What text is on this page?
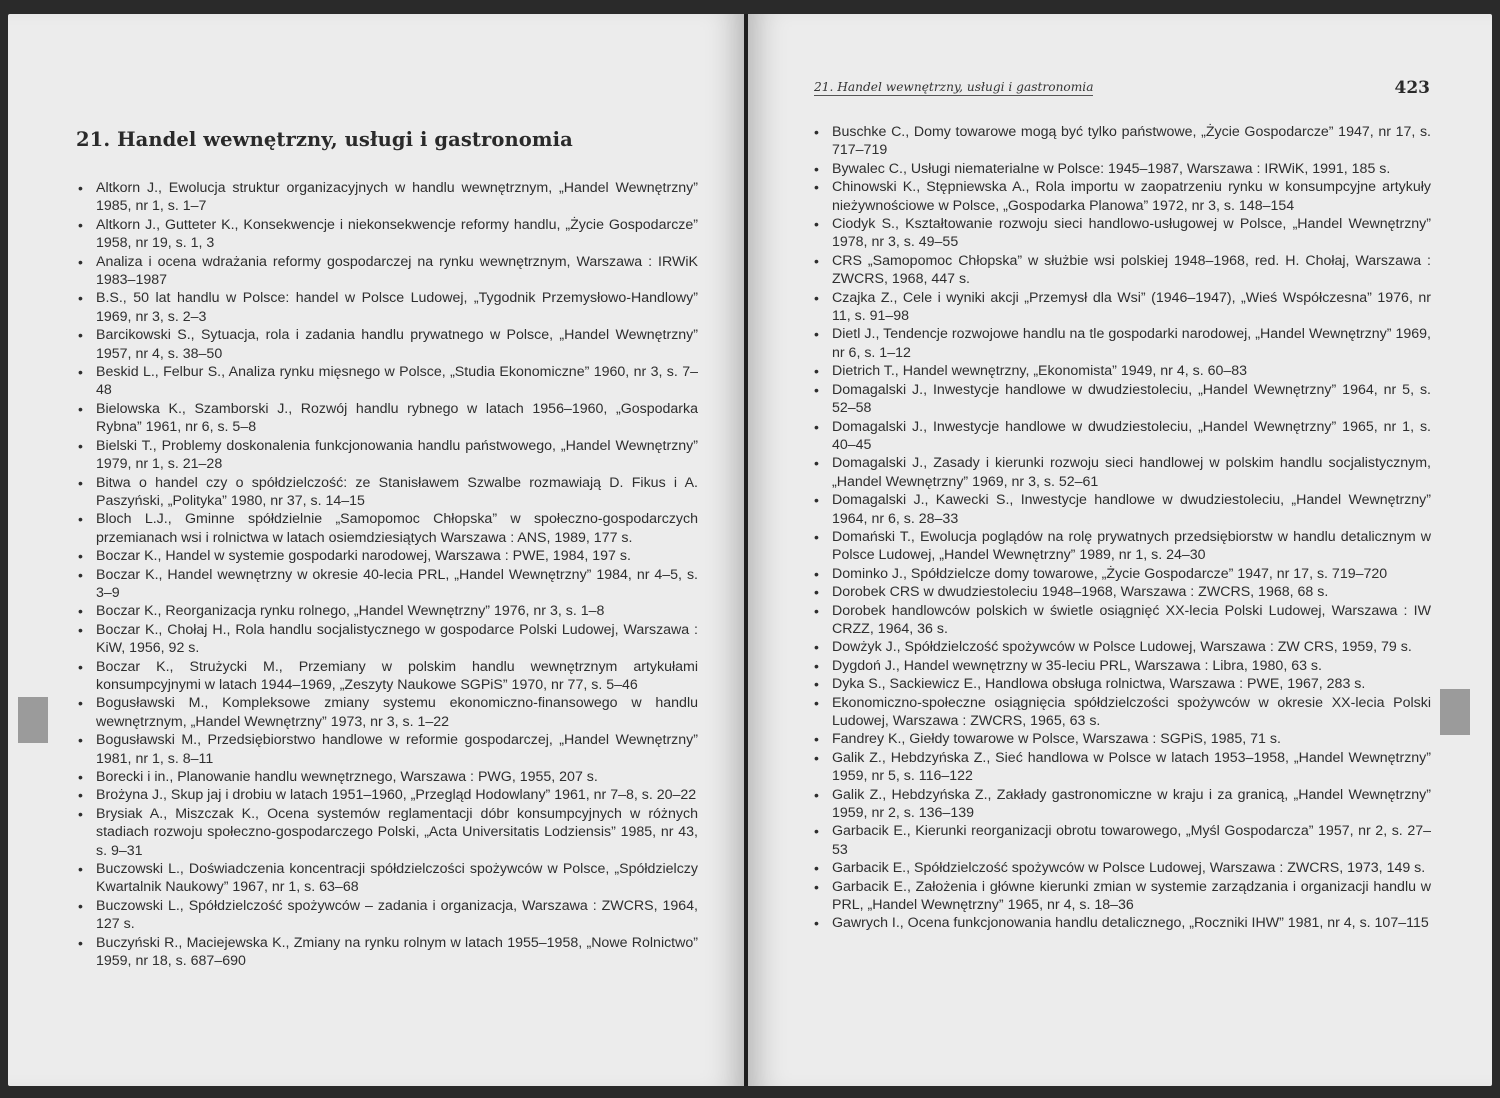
21. Handel wewnętrzny, usługi i gastronomia
• Altkorn J., Ewolucja struktur organizacyjnych w handlu wewnętrznym, „Handel Wewnętrzny” 1985, nr 1, s. 1–7
• Altkorn J., Gutteter K., Konsekwencje i niekonsekwencje reformy handlu, „Życie Gospodarcze” 1958, nr 19, s. 1, 3
• Analiza i ocena wdrażania reformy gospodarczej na rynku wewnętrznym, Warszawa : IRWiK 1983–1987
• B.S., 50 lat handlu w Polsce: handel w Polsce Ludowej, „Tygodnik Przemysłowo-Handlowy” 1969, nr 3, s. 2–3
• Barcikowski S., Sytuacja, rola i zadania handlu prywatnego w Polsce, „Handel Wewnętrzny” 1957, nr 4, s. 38–50
• Beskid L., Felbur S., Analiza rynku mięsnego w Polsce, „Studia Ekonomiczne” 1960, nr 3, s. 7–48
• Bielowska K., Szamborski J., Rozwój handlu rybnego w latach 1956–1960, „Gospodarka Rybna” 1961, nr 6, s. 5–8
• Bielski T., Problemy doskonalenia funkcjonowania handlu państwowego, „Handel Wewnętrzny” 1979, nr 1, s. 21–28
• Bitwa o handel czy o spółdzielczość: ze Stanisławem Szwalbe rozmawiają D. Fikus i A. Paszyński, „Polityka” 1980, nr 37, s. 14–15
• Bloch L.J., Gminne spółdzielnie „Samopomoc Chłopska” w społeczno-gospodarczych przemianach wsi i rolnictwa w latach osiemdziesiątych Warszawa : ANS, 1989, 177 s.
• Boczar K., Handel w systemie gospodarki narodowej, Warszawa : PWE, 1984, 197 s.
• Boczar K., Handel wewnętrzny w okresie 40-lecia PRL, „Handel Wewnętrzny” 1984, nr 4–5, s. 3–9
• Boczar K., Reorganizacja rynku rolnego, „Handel Wewnętrzny” 1976, nr 3, s. 1–8
• Boczar K., Chołaj H., Rola handlu socjalistycznego w gospodarce Polski Ludowej, Warszawa : KiW, 1956, 92 s.
• Boczar K., Strużycki M., Przemiany w polskim handlu wewnętrznym artykułami konsumpcyjnymi w latach 1944–1969, „Zeszyty Naukowe SGPiS” 1970, nr 77, s. 5–46
• Bogusławski M., Kompleksowe zmiany systemu ekonomiczno-finansowego w handlu wewnętrznym, „Handel Wewnętrzny” 1973, nr 3, s. 1–22
• Bogusławski M., Przedsiębiorstwo handlowe w reformie gospodarczej, „Handel Wewnętrzny” 1981, nr 1, s. 8–11
• Borecki i in., Planowanie handlu wewnętrznego, Warszawa : PWG, 1955, 207 s.
• Brożyna J., Skup jaj i drobiu w latach 1951–1960, „Przegląd Hodowlany” 1961, nr 7–8, s. 20–22
• Brysiak A., Miszczak K., Ocena systemów reglamentacji dóbr konsumpcyjnych w różnych stadiach rozwoju społeczno-gospodarczego Polski, „Acta Universitatis Lodziensis” 1985, nr 43, s. 9–31
• Buczowski L., Doświadczenia koncentracji spółdzielczości spożywców w Polsce, „Spółdzielczy Kwartalnik Naukowy” 1967, nr 1, s. 63–68
• Buczowski L., Spółdzielczość spożywców – zadania i organizacja, Warszawa : ZWCRS, 1964, 127 s.
• Buczyński R., Maciejewska K., Zmiany na rynku rolnym w latach 1955–1958, „Nowe Rolnictwo” 1959, nr 18, s. 687–690
21. Handel wewnętrzny, usługi i gastronomia	423
• Buschke C., Domy towarowe mogą być tylko państwowe, „Życie Gospodarcze” 1947, nr 17, s. 717–719
• Bywalec C., Usługi niematerialne w Polsce: 1945–1987, Warszawa : IRWiK, 1991, 185 s.
• Chinowski K., Stępniewska A., Rola importu w zaopatrzeniu rynku w konsumpcyjne artykuły nieżywnościowe w Polsce, „Gospodarka Planowa” 1972, nr 3, s. 148–154
• Ciodyk S., Kształtowanie rozwoju sieci handlowo-usługowej w Polsce, „Handel Wewnętrzny” 1978, nr 3, s. 49–55
• CRS „Samopomoc Chłopska” w służbie wsi polskiej 1948–1968, red. H. Chołaj, Warszawa : ZWCRS, 1968, 447 s.
• Czajka Z., Cele i wyniki akcji „Przemysł dla Wsi” (1946–1947), „Wieś Współczesna” 1976, nr 11, s. 91–98
• Dietl J., Tendencje rozwojowe handlu na tle gospodarki narodowej, „Handel Wewnętrzny” 1969, nr 6, s. 1–12
• Dietrich T., Handel wewnętrzny, „Ekonomista” 1949, nr 4, s. 60–83
• Domagalski J., Inwestycje handlowe w dwudziestoleciu, „Handel Wewnętrzny” 1964, nr 5, s. 52–58
• Domagalski J., Inwestycje handlowe w dwudziestoleciu, „Handel Wewnętrzny” 1965, nr 1, s. 40–45
• Domagalski J., Zasady i kierunki rozwoju sieci handlowej w polskim handlu socjalistycznym, „Handel Wewnętrzny” 1969, nr 3, s. 52–61
• Domagalski J., Kawecki S., Inwestycje handlowe w dwudziestoleciu, „Handel Wewnętrzny” 1964, nr 6, s. 28–33
• Domański T., Ewolucja poglądów na rolę prywatnych przedsiębiorstw w handlu detalicznym w Polsce Ludowej, „Handel Wewnętrzny” 1989, nr 1, s. 24–30
• Dominko J., Spółdzielcze domy towarowe, „Życie Gospodarcze” 1947, nr 17, s. 719–720
• Dorobek CRS w dwudziestoleciu 1948–1968, Warszawa : ZWCRS, 1968, 68 s.
• Dorobek handlowców polskich w świetle osiągnięć XX-lecia Polski Ludowej, Warszawa : IW CRZZ, 1964, 36 s.
• Dowżyk J., Spółdzielczość spożywców w Polsce Ludowej, Warszawa : ZW CRS, 1959, 79 s.
• Dygdoń J., Handel wewnętrzny w 35-leciu PRL, Warszawa : Libra, 1980, 63 s.
• Dyka S., Sackiewicz E., Handlowa obsługa rolnictwa, Warszawa : PWE, 1967, 283 s.
• Ekonomiczno-społeczne osiągnięcia spółdzielczości spożywców w okresie XX-lecia Polski Ludowej, Warszawa : ZWCRS, 1965, 63 s.
• Fandrey K., Giełdy towarowe w Polsce, Warszawa : SGPiS, 1985, 71 s.
• Galik Z., Hebdzyńska Z., Sieć handlowa w Polsce w latach 1953–1958, „Handel Wewnętrzny” 1959, nr 5, s. 116–122
• Galik Z., Hebdzyńska Z., Zakłady gastronomiczne w kraju i za granicą, „Handel Wewnętrzny” 1959, nr 2, s. 136–139
• Garbacik E., Kierunki reorganizacji obrotu towarowego, „Myśl Gospodarcza” 1957, nr 2, s. 27–53
• Garbacik E., Spółdzielczość spożywców w Polsce Ludowej, Warszawa : ZWCRS, 1973, 149 s.
• Garbacik E., Założenia i główne kierunki zmian w systemie zarządzania i organizacji handlu w PRL, „Handel Wewnętrzny” 1965, nr 4, s. 18–36
• Gawrych I., Ocena funkcjonowania handlu detalicznego, „Roczniki IHW” 1981, nr 4, s. 107–115
